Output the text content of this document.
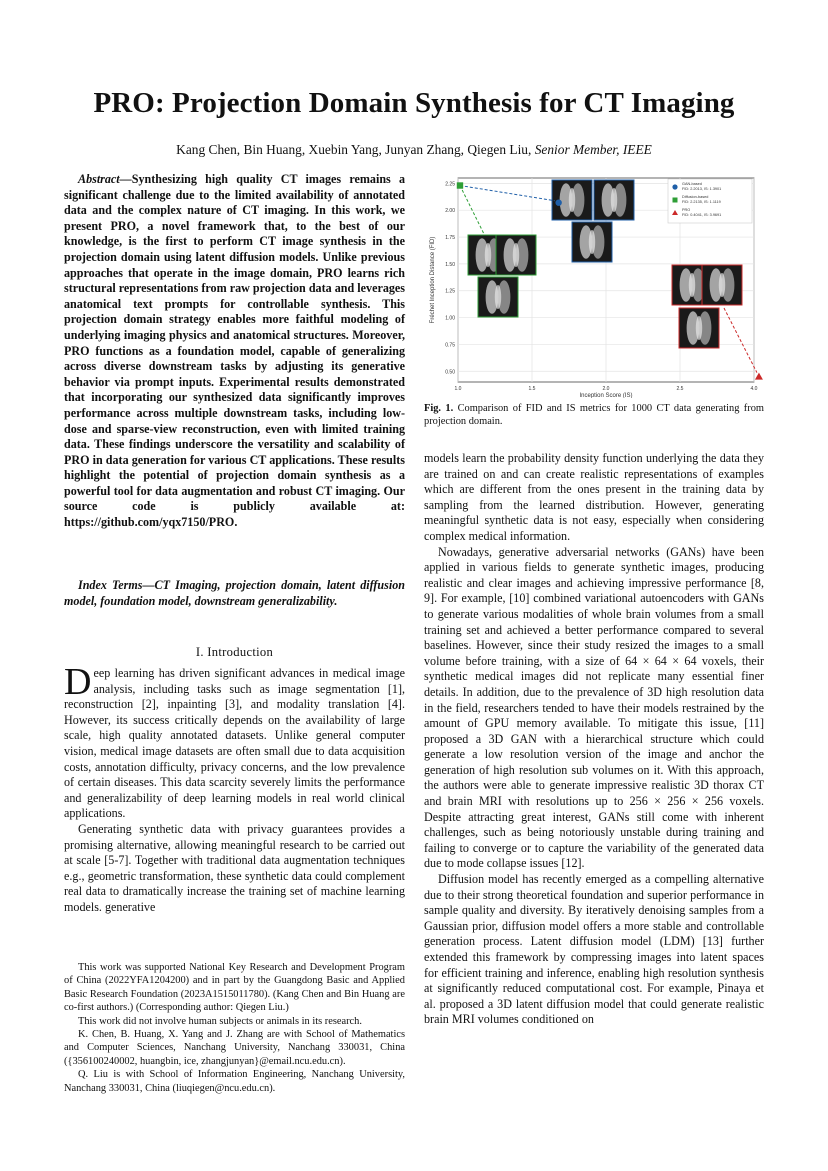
PRO: Projection Domain Synthesis for CT Imaging
Kang Chen, Bin Huang, Xuebin Yang, Junyan Zhang, Qiegen Liu, Senior Member, IEEE

Abstract—Synthesizing high quality CT images remains a significant challenge due to the limited availability of annotated data and the complex nature of CT imaging. In this work, we present PRO, a novel framework that, to the best of our knowledge, is the first to perform CT image synthesis in the projection domain using latent diffusion models. Unlike previous approaches that operate in the image domain, PRO learns rich structural representations from raw projection data and leverages anatomical text prompts for controllable synthesis. This projection domain strategy enables more faithful modeling of underlying imaging physics and anatomical structures. Moreover, PRO functions as a foundation model, capable of generalizing across diverse downstream tasks by adjusting its generative behavior via prompt inputs. Experimental results demonstrated that incorporating our synthesized data significantly improves performance across multiple downstream tasks, including low-dose and sparse-view reconstruction, even with limited training data. These findings underscore the versatility and scalability of PRO in data generation for various CT applications. These results highlight the potential of projection domain synthesis as a powerful tool for data augmentation and robust CT imaging. Our source code is publicly available at: https://github.com/yqx7150/PRO.

Index Terms—CT Imaging, projection domain, latent diffusion model, foundation model, downstream generalizability.
I. Introduction

Deep learning has driven significant advances in medical image analysis, including tasks such as image segmentation [1], reconstruction [2], inpainting [3], and modality translation [4]. However, its success critically depends on the availability of large scale, high quality annotated datasets. Unlike general computer vision, medical image datasets are often small due to data acquisition costs, annotation difficulty, privacy concerns, and the low prevalence of certain diseases. This data scarcity severely limits the performance and generalizability of deep learning models in real world clinical applications.

Generating synthetic data with privacy guarantees provides a promising alternative, allowing meaningful research to be carried out at scale [5-7]. Together with traditional data augmentation techniques e.g., geometric transformation, these synthetic data could complement real data to dramatically increase the training set of machine learning models. generative

This work was supported National Key Research and Development Program of China (2022YFA1204200) and in part by the Guangdong Basic and Applied Basic Research Foundation (2023A1515011780). (Kang Chen and Bin Huang are co-first authors.) (Corresponding author: Qiegen Liu.)

This work did not involve human subjects or animals in its research.

K. Chen, B. Huang, X. Yang and J. Zhang are with School of Mathematics and Computer Sciences, Nanchang University, Nanchang 330031, China ({356100240002, huangbin, ice, zhangjunyan}@email.ncu.edu.cn).

Q. Liu is with School of Information Engineering, Nanchang University, Nanchang 330031, China (liuqiegen@ncu.edu.cn).

2.25
2.00
1.75
1.50
1.25
1.00
0.75
0.50
1.0	1.5	2.0	2.5	4.0
Inception Score (IS)
Fréchet Inception Distance (FID)
GAN-based
FID: 2.2013, IS: 1.3901
Diffusion-based
FID: 2.2135, IS: 1.1119
PRO
FID: 0.4041, IS: 3.9691
Fig. 1. Comparison of FID and IS metrics for 1000 CT data generating from projection domain.

models learn the probability density function underlying the data they are trained on and can create realistic representations of examples which are different from the ones present in the training data by sampling from the learned distribution. However, generating meaningful synthetic data is not easy, especially when considering complex medical information.

Nowadays, generative adversarial networks (GANs) have been applied in various fields to generate synthetic images, producing realistic and clear images and achieving impressive performance [8, 9]. For example, [10] combined variational autoencoders with GANs to generate various modalities of whole brain volumes from a small training set and achieved a better performance compared to several baselines. However, since their study resized the images to a small volume before training, with a size of 64 × 64 × 64 voxels, their synthetic medical images did not replicate many essential finer details. In addition, due to the prevalence of 3D high resolution data in the field, researchers tended to have their models restrained by the amount of GPU memory available. To mitigate this issue, [11] proposed a 3D GAN with a hierarchical structure which could generate a low resolution version of the image and anchor the generation of high resolution sub volumes on it. With this approach, the authors were able to generate impressive realistic 3D thorax CT and brain MRI with resolutions up to 256 × 256 × 256 voxels. Despite attracting great interest, GANs still come with inherent challenges, such as being notoriously unstable during training and failing to converge or to capture the variability of the generated data due to mode collapse issues [12].

Diffusion model has recently emerged as a compelling alternative due to their strong theoretical foundation and superior performance in sample quality and diversity. By iteratively denoising samples from a Gaussian prior, diffusion model offers a more stable and controllable generation process. Latent diffusion model (LDM) [13] further extended this framework by compressing images into latent spaces for efficient training and inference, enabling high resolution synthesis at significantly reduced computational cost. For example, Pinaya et al. proposed a 3D latent diffusion model that could generate realistic brain MRI volumes conditioned on
